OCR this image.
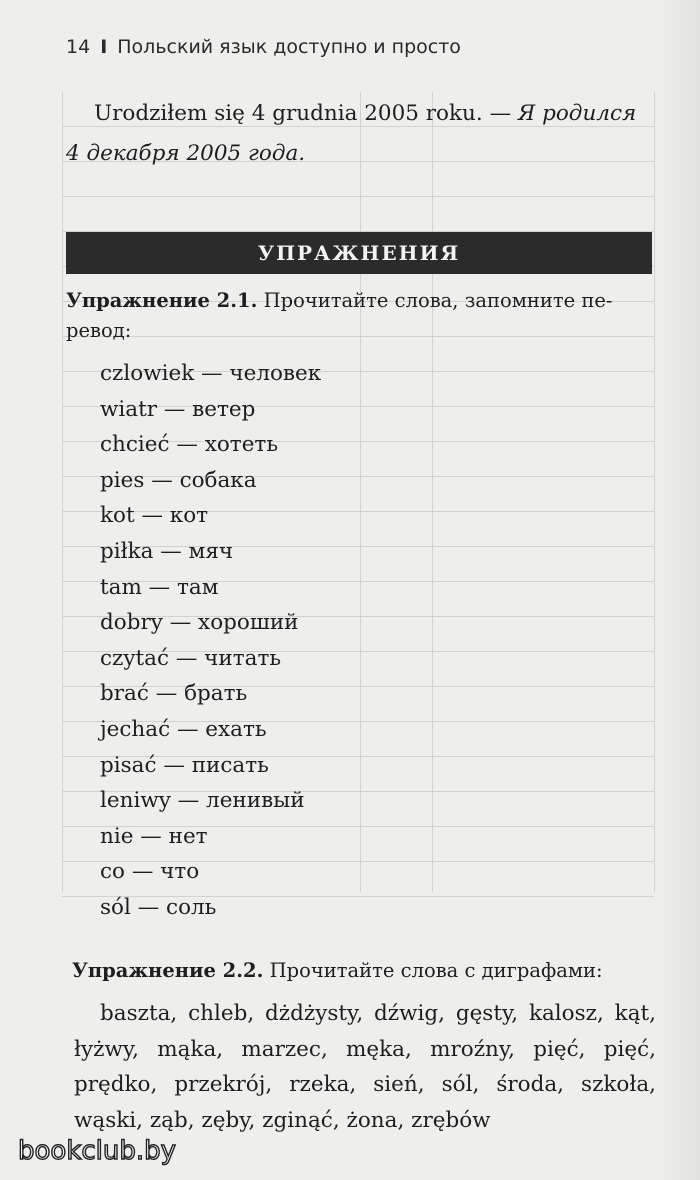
14 I Польский язык доступно и просто
Urodziłem się 4 grudnia 2005 roku. — Я родился
4 декабря 2005 года.
УПРАЖНЕНИЯ
Упражнение 2.1. Прочитайте слова, запомните пе-
ревод:
czlowiek — человек
wiatr — ветер
chcieć — хотеть
pies — собака
kot — кот
piłka — мяч
tam — там
dobry — хороший
czytać — читать
brać — брать
jechać — ехать
pisać — писать
leniwy — ленивый
nie — нет
co — что
sól — соль
Упражнение 2.2. Прочитайте слова с диграфами:
baszta, chleb, dżdżysty, dźwig, gęsty, kalosz, kąt, łyżwy, mąka, marzec, męka, mroźny, pięć, pięć, prędko, przekrój, rzeka, sień, sól, środa, szkoła, wąski, ząb, zęby, zginąć, żona, zrębów
bookclub.by
